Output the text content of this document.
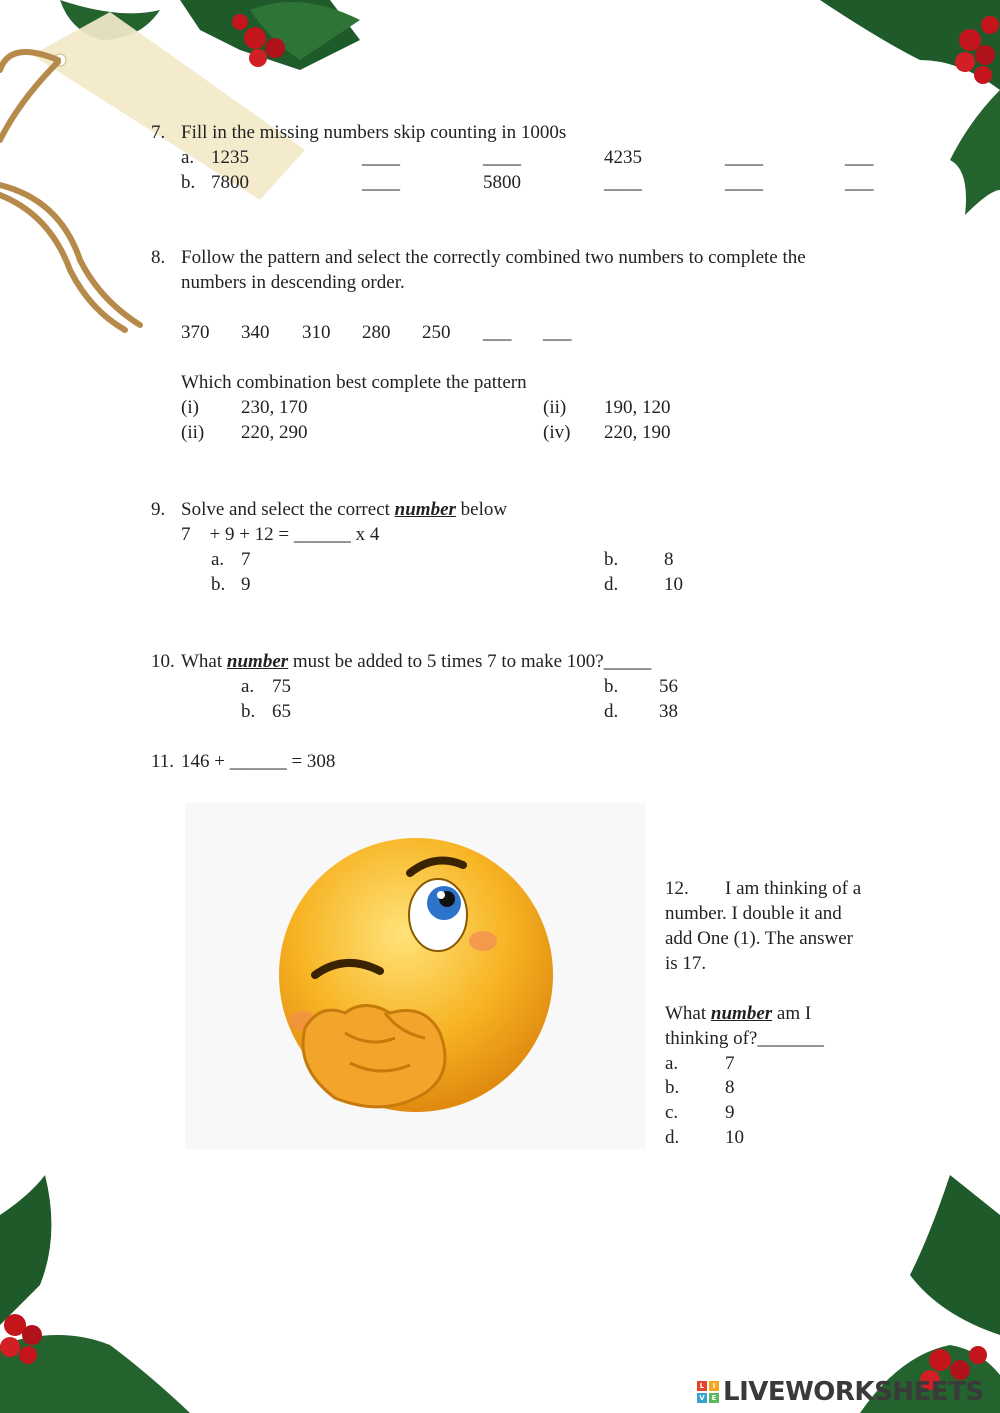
7. Fill in the missing numbers skip counting in 1000s
a. 1235	____	____	4235	____	___
b. 7800	____	5800	____	____	___
8. Follow the pattern and select the correctly combined two numbers to complete the
numbers in descending order.
370 340 310 280 250 ___ ___
Which combination best complete the pattern
(i) 230, 170	(ii) 190, 120
(ii) 220, 290	(iv) 220, 190
9. Solve and select the correct number below
7    + 9 + 12 = ______ x 4
a. 7	b. 8
b. 9	d. 10
10. What number must be added to 5 times 7 to make 100?_____
a. 75	b. 56
b. 65	d. 38
11. 146 + ______ = 308
12. I am thinking of a
number. I double it and
add One (1). The answer
is 17.
What number am I
thinking of?_______
a. 7
b. 8
c. 9
d. 10
L	I
V E LIVEWORKSHEETS
